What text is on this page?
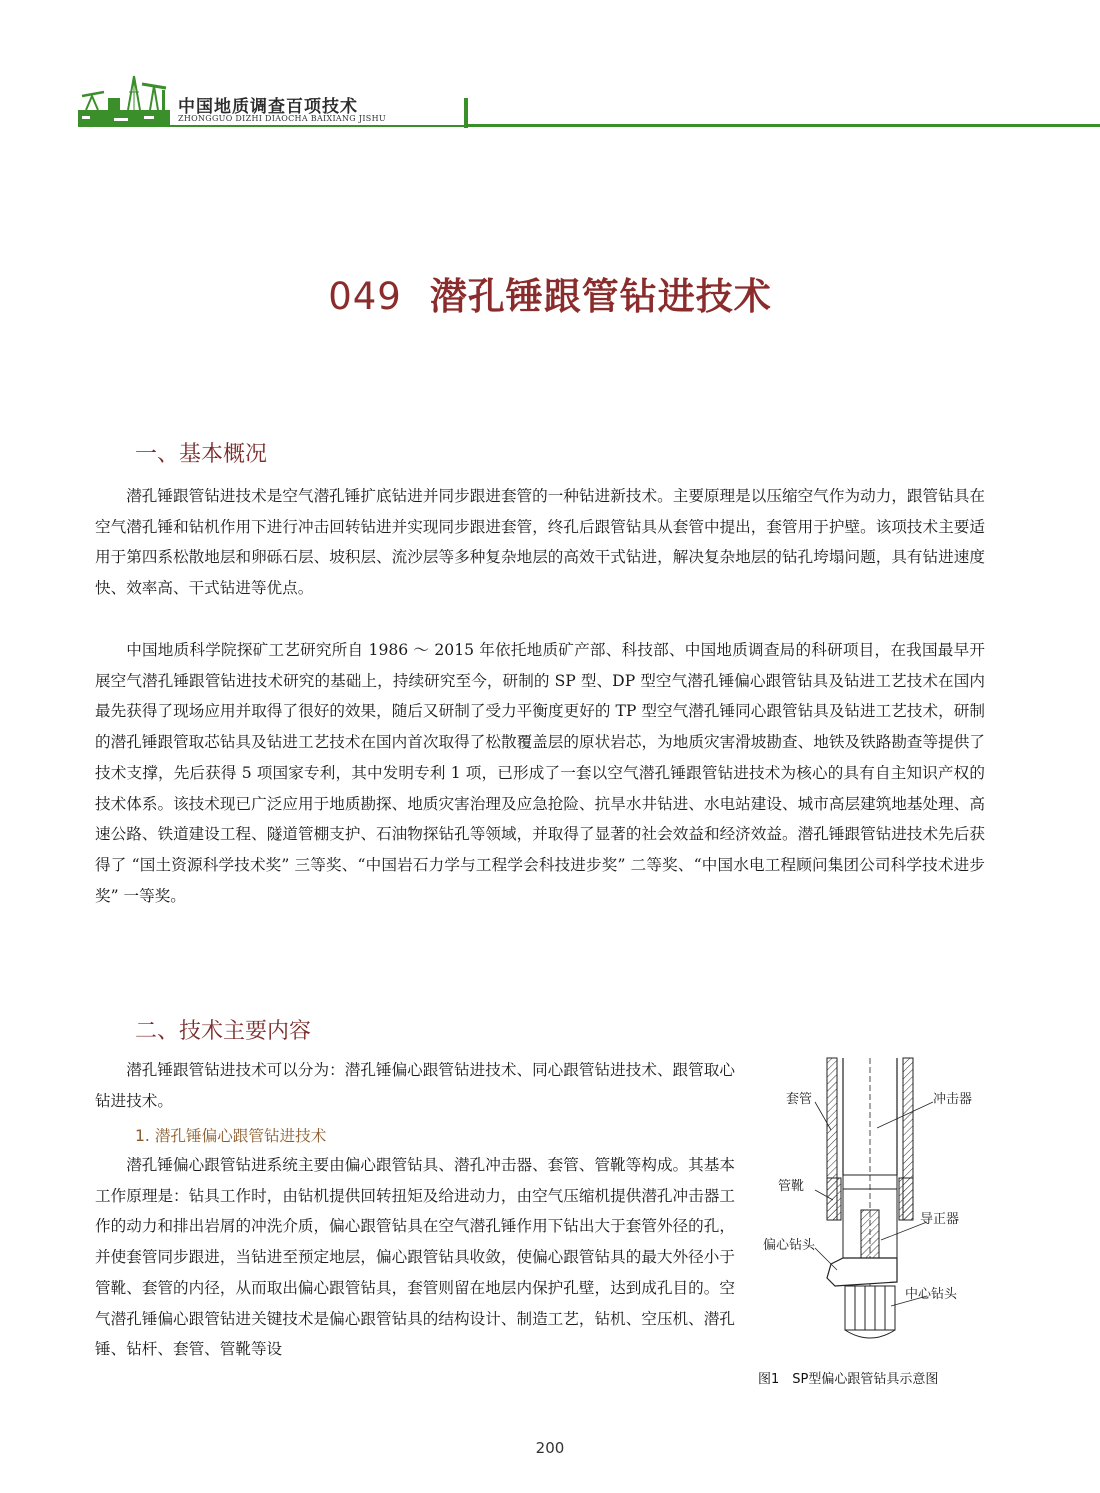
中国地质调查百项技术
ZHONGGUO DIZHI DIAOCHA BAIXIANG JISHU
049 潜孔锤跟管钻进技术
一、基本概况

潜孔锤跟管钻进技术是空气潜孔锤扩底钻进并同步跟进套管的一种钻进新技术。主要原理是以压缩空气作为动力，跟管钻具在空气潜孔锤和钻机作用下进行冲击回转钻进并实现同步跟进套管，终孔后跟管钻具从套管中提出，套管用于护壁。该项技术主要适用于第四系松散地层和卵砾石层、坡积层、流沙层等多种复杂地层的高效干式钻进，解决复杂地层的钻孔垮塌问题，具有钻进速度快、效率高、干式钻进等优点。

中国地质科学院探矿工艺研究所自 1986 ～ 2015 年依托地质矿产部、科技部、中国地质调查局的科研项目，在我国最早开展空气潜孔锤跟管钻进技术研究的基础上，持续研究至今，研制的 SP 型、DP 型空气潜孔锤偏心跟管钻具及钻进工艺技术在国内最先获得了现场应用并取得了很好的效果，随后又研制了受力平衡度更好的 TP 型空气潜孔锤同心跟管钻具及钻进工艺技术，研制的潜孔锤跟管取芯钻具及钻进工艺技术在国内首次取得了松散覆盖层的原状岩芯，为地质灾害滑坡勘查、地铁及铁路勘查等提供了技术支撑，先后获得 5 项国家专利，其中发明专利 1 项，已形成了一套以空气潜孔锤跟管钻进技术为核心的具有自主知识产权的技术体系。该技术现已广泛应用于地质勘探、地质灾害治理及应急抢险、抗旱水井钻进、水电站建设、城市高层建筑地基处理、高速公路、铁道建设工程、隧道管棚支护、石油物探钻孔等领域，并取得了显著的社会效益和经济效益。潜孔锤跟管钻进技术先后获得了 “国土资源科学技术奖” 三等奖、“中国岩石力学与工程学会科技进步奖” 二等奖、“中国水电工程顾问集团公司科学技术进步奖” 一等奖。

二、技术主要内容

潜孔锤跟管钻进技术可以分为：潜孔锤偏心跟管钻进技术、同心跟管钻进技术、跟管取心钻进技术。

1. 潜孔锤偏心跟管钻进技术

潜孔锤偏心跟管钻进系统主要由偏心跟管钻具、潜孔冲击器、套管、管靴等构成。其基本工作原理是：钻具工作时，由钻机提供回转扭矩及给进动力，由空气压缩机提供潜孔冲击器工作的动力和排出岩屑的冲洗介质，偏心跟管钻具在空气潜孔锤作用下钻出大于套管外径的孔，并使套管同步跟进，当钻进至预定地层，偏心跟管钻具收敛，使偏心跟管钻具的最大外径小于管靴、套管的内径，从而取出偏心跟管钻具，套管则留在地层内保护孔壁，达到成孔目的。空气潜孔锤偏心跟管钻进关键技术是偏心跟管钻具的结构设计、制造工艺，钻机、空压机、潜孔锤、钻杆、套管、管靴等设

套管	冲击器
管靴
导正器
偏心钻头
中心钻头
图1　SP型偏心跟管钻具示意图
200
